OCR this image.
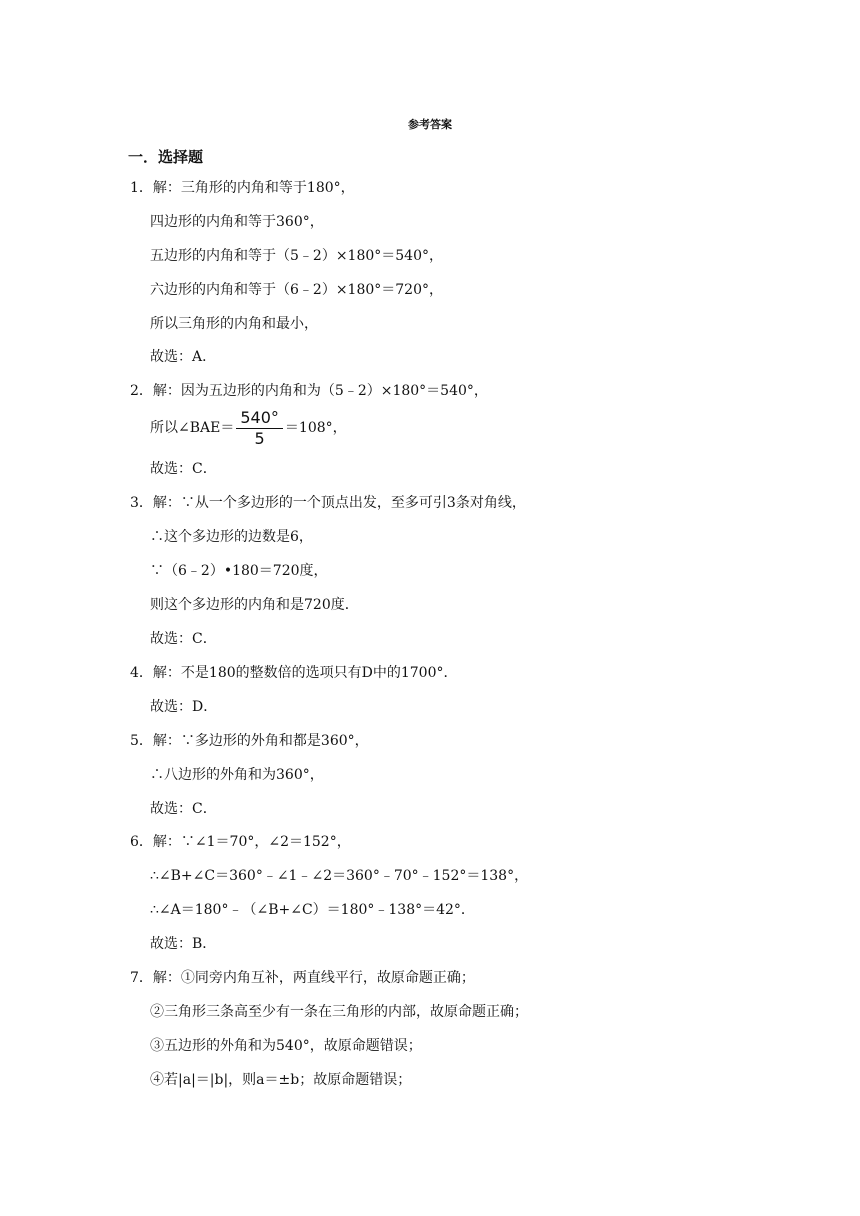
参考答案
一．选择题
1．解：三角形的内角和等于180°，
四边形的内角和等于360°，
五边形的内角和等于（5﹣2）×180°＝540°，
六边形的内角和等于（6﹣2）×180°＝720°，
所以三角形的内角和最小，
故选：A．
2．解：因为五边形的内角和为（5﹣2）×180°＝540°，
所以∠BAE＝ $\frac{540^\circ}{5} =108^\circ$，
故选：C．
3．解：∵从一个多边形的一个顶点出发，至多可引3条对角线，
∴这个多边形的边数是6，
∵（6﹣2）•180＝720度，
则这个多边形的内角和是720度．
故选：C．
4．解：不是180的整数倍的选项只有D中的1700°．
故选：D．
5．解：∵多边形的外角和都是360°，
∴八边形的外角和为360°，
故选：C．
6．解：∵∠1＝70°，∠2＝152°，
∴∠B+∠C＝360°﹣∠1﹣∠2＝360°﹣70°﹣152°＝138°，
∴∠A＝180°﹣（∠B+∠C）＝180°﹣138°＝42°．
故选：B．
7．解：①同旁内角互补，两直线平行，故原命题正确；
②三角形三条高至少有一条在三角形的内部，故原命题正确；
③五边形的外角和为540°，故原命题错误；
④若|a|＝|b|，则a＝±b；故原命题错误；
